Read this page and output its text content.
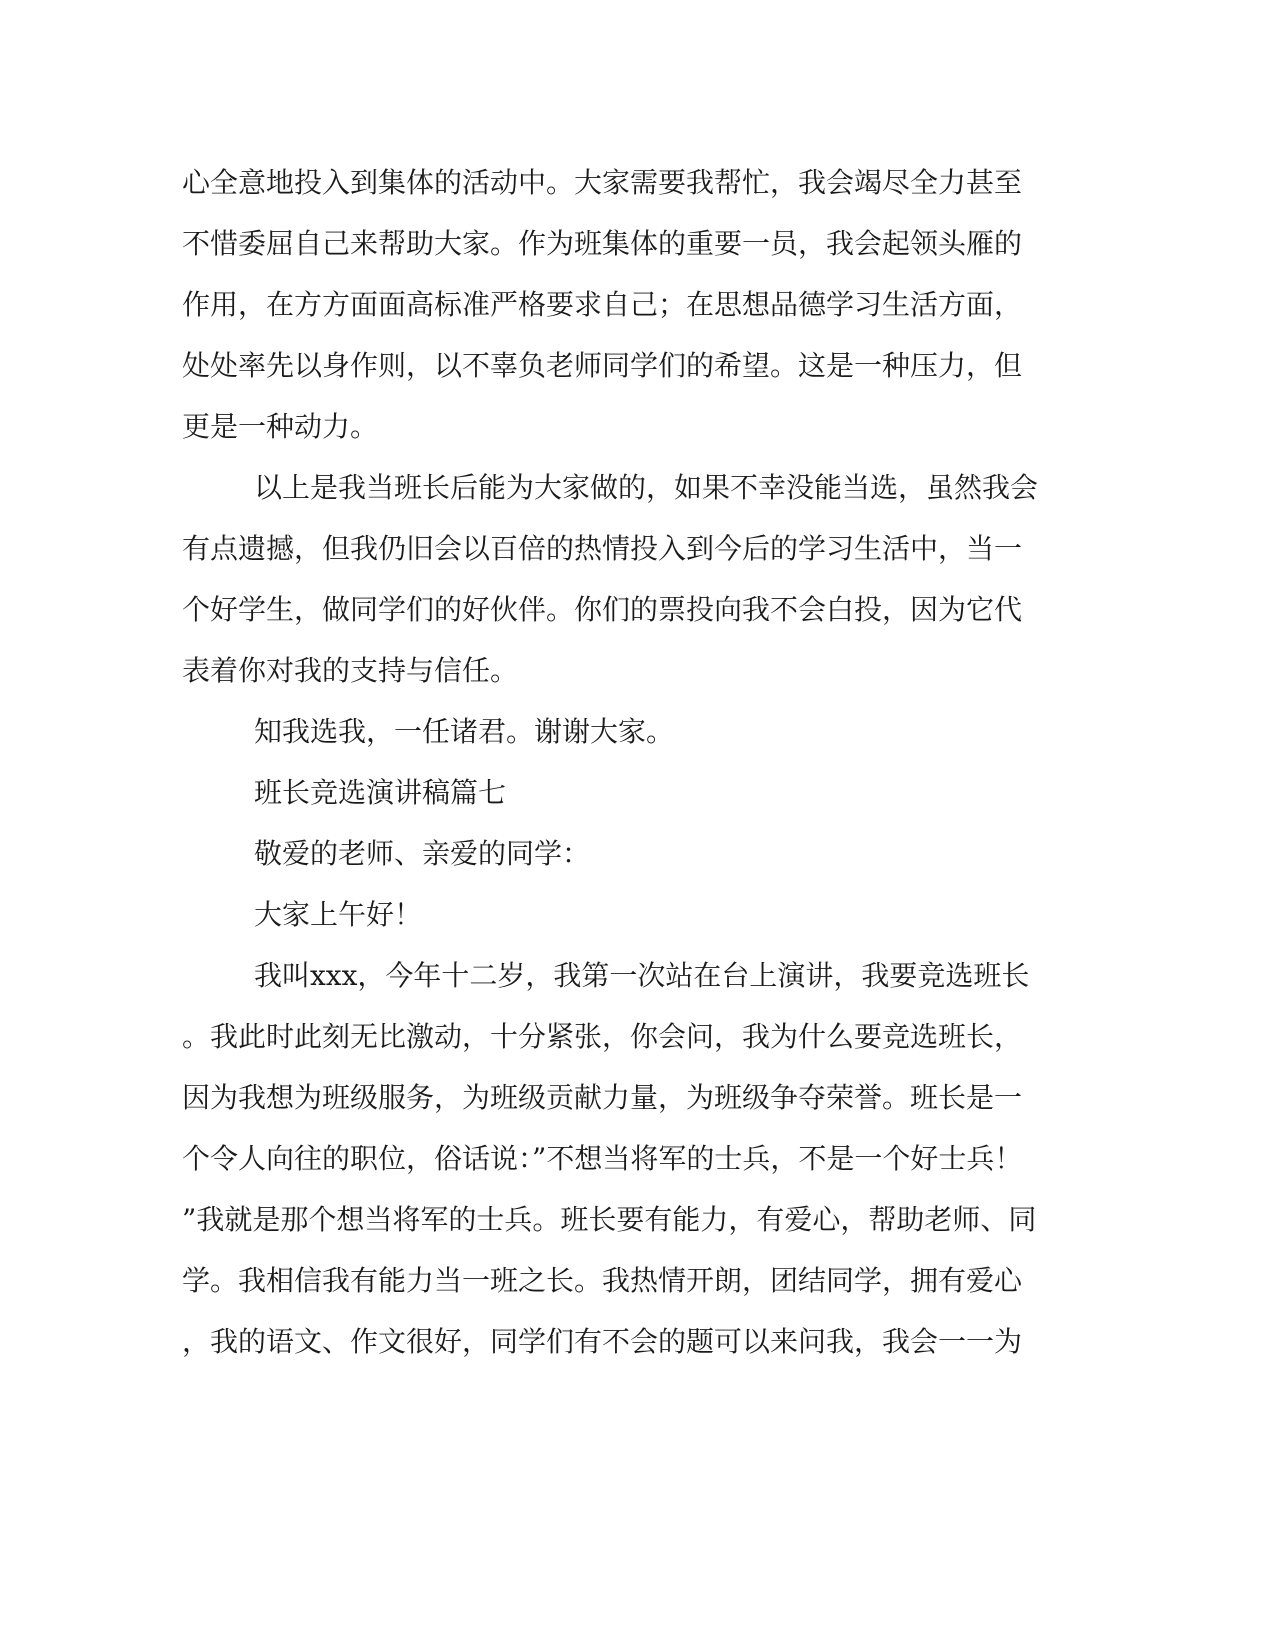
心全意地投入到集体的活动中。大家需要我帮忙，我会竭尽全力甚至
不惜委屈自己来帮助大家。作为班集体的重要一员，我会起领头雁的
作用，在方方面面高标准严格要求自己；在思想品德学习生活方面，
处处率先以身作则，以不辜负老师同学们的希望。这是一种压力，但
更是一种动力。
以上是我当班长后能为大家做的，如果不幸没能当选，虽然我会
有点遗撼，但我仍旧会以百倍的热情投入到今后的学习生活中，当一
个好学生，做同学们的好伙伴。你们的票投向我不会白投，因为它代
表着你对我的支持与信任。
知我选我，一任诸君。谢谢大家。
班长竞选演讲稿篇七
敬爱的老师、亲爱的同学：
大家上午好！
我叫xxx，今年十二岁，我第一次站在台上演讲，我要竞选班长
。我此时此刻无比激动，十分紧张，你会问，我为什么要竞选班长，
因为我想为班级服务，为班级贡献力量，为班级争夺荣誉。班长是一
个令人向往的职位，俗话说：”不想当将军的士兵，不是一个好士兵！
”我就是那个想当将军的士兵。班长要有能力，有爱心，帮助老师、同
学。我相信我有能力当一班之长。我热情开朗，团结同学，拥有爱心
，我的语文、作文很好，同学们有不会的题可以来问我，我会一一为
